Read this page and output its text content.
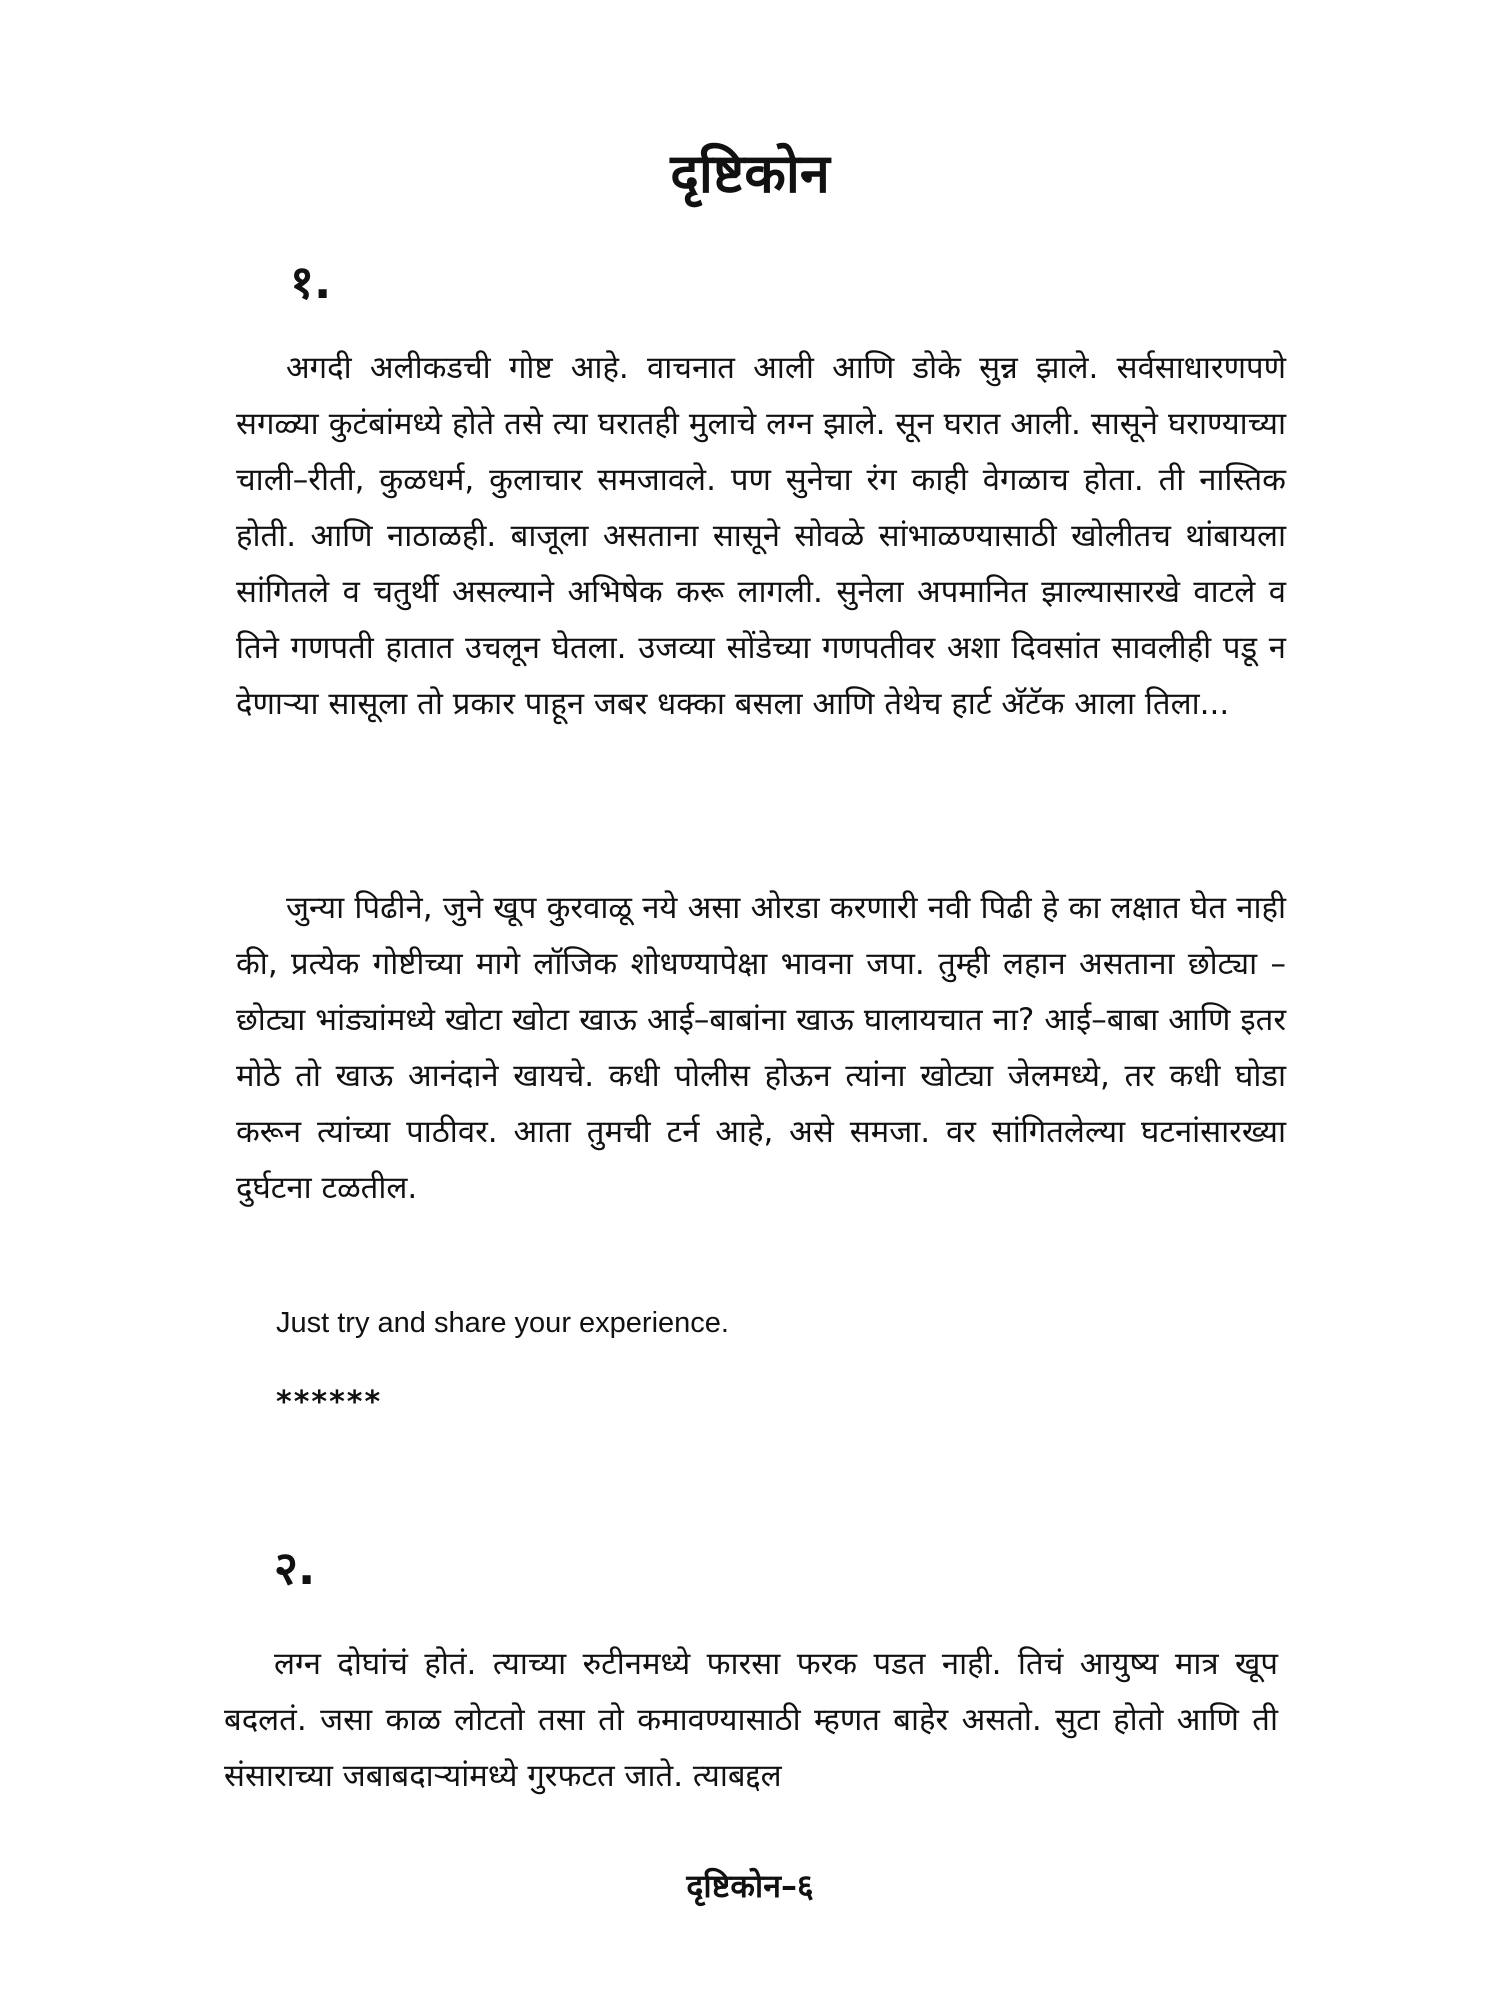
दृष्टिकोन
१.

अगदी अलीकडची गोष्ट आहे. वाचनात आली आणि डोके सुन्न झाले. सर्वसाधारणपणे सगळ्या कुटंबांमध्ये होते तसे त्या घरातही मुलाचे लग्न झाले. सून घरात आली. सासूने घराण्याच्या चाली–रीती, कुळधर्म, कुलाचार समजावले. पण सुनेचा रंग काही वेगळाच होता. ती नास्तिक होती. आणि नाठाळही. बाजूला असताना सासूने सोवळे सांभाळण्यासाठी खोलीतच थांबायला सांगितले व चतुर्थी असल्याने अभिषेक करू लागली. सुनेला अपमानित झाल्यासारखे वाटले व तिने गणपती हातात उचलून घेतला. उजव्या सोंडेच्या गणपतीवर अशा दिवसांत सावलीही पडू न देणाऱ्या सासूला तो प्रकार पाहून जबर धक्का बसला आणि तेथेच हार्ट अ‍ॅटॅक आला तिला...

जुन्या पिढीने, जुने खूप कुरवाळू नये असा ओरडा करणारी नवी पिढी हे का लक्षात घेत नाही की, प्रत्येक गोष्टीच्या मागे लॉजिक शोधण्यापेक्षा भावना जपा. तुम्ही लहान असताना छोट्या – छोट्या भांड्यांमध्ये खोटा खोटा खाऊ आई–बाबांना खाऊ घालायचात ना? आई–बाबा आणि इतर मोठे तो खाऊ आनंदाने खायचे. कधी पोलीस होऊन त्यांना खोट्या जेलमध्ये, तर कधी घोडा करून त्यांच्या पाठीवर. आता तुमची टर्न आहे, असे समजा. वर सांगितलेल्या घटनांसारख्या दुर्घटना टळतील.

Just try and share your experience.
******
२.

लग्न दोघांचं होतं. त्याच्या रुटीनमध्ये फारसा फरक पडत नाही. तिचं आयुष्य मात्र खूप बदलतं. जसा काळ लोटतो तसा तो कमावण्यासाठी म्हणत बाहेर असतो. सुटा होतो आणि ती संसाराच्या जबाबदाऱ्यांमध्ये गुरफटत जाते. त्याबद्दल

दृष्टिकोन–६
